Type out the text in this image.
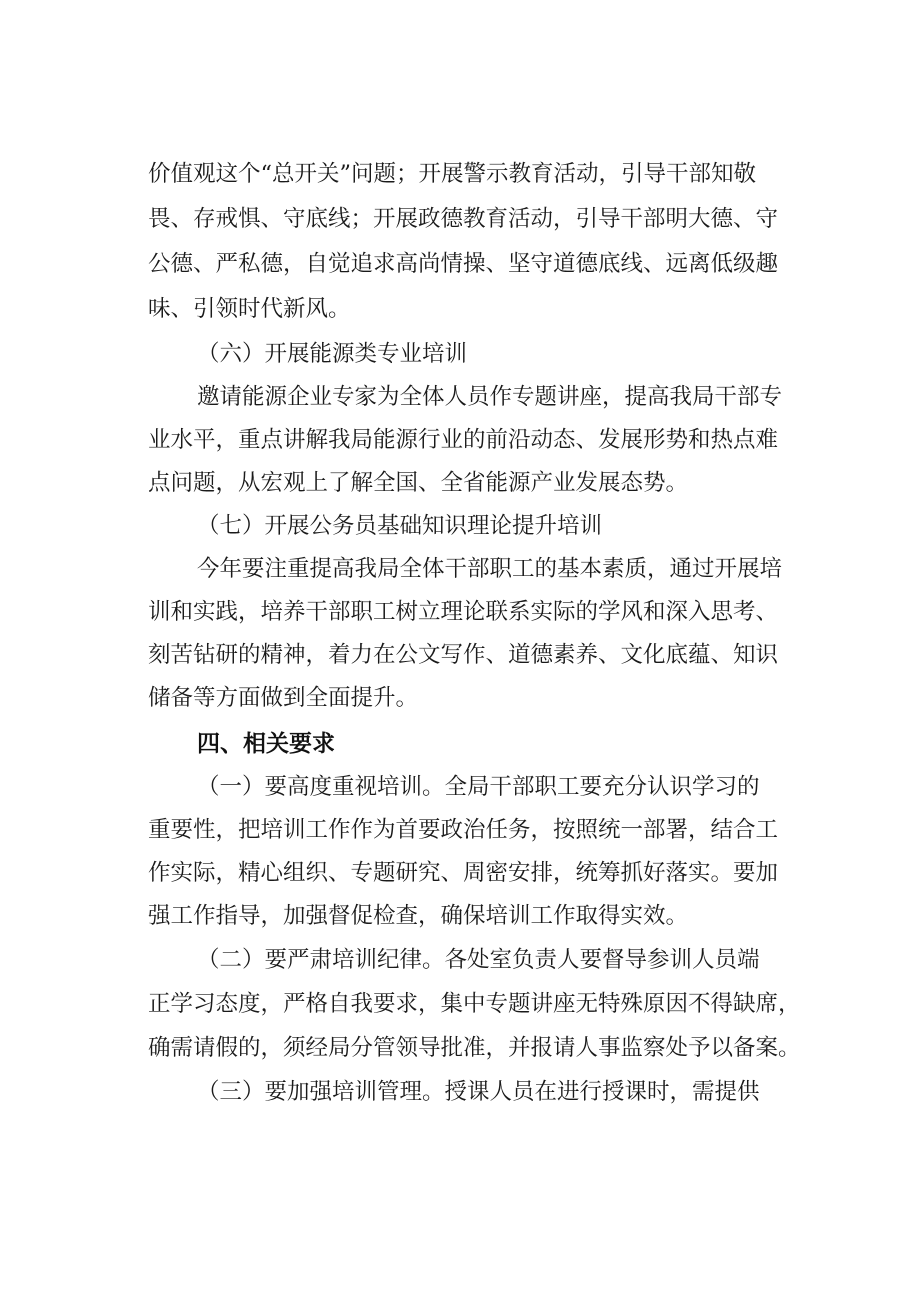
价值观这个“总开关”问题；开展警示教育活动，引导干部知敬
畏、存戒惧、守底线；开展政德教育活动，引导干部明大德、守
公德、严私德，自觉追求高尚情操、坚守道德底线、远离低级趣
味、引领时代新风。
（六）开展能源类专业培训
邀请能源企业专家为全体人员作专题讲座，提高我局干部专
业水平，重点讲解我局能源行业的前沿动态、发展形势和热点难
点问题，从宏观上了解全国、全省能源产业发展态势。
（七）开展公务员基础知识理论提升培训
今年要注重提高我局全体干部职工的基本素质，通过开展培
训和实践，培养干部职工树立理论联系实际的学风和深入思考、
刻苦钻研的精神，着力在公文写作、道德素养、文化底蕴、知识
储备等方面做到全面提升。
四、相关要求
（一）要高度重视培训。全局干部职工要充分认识学习的
重要性，把培训工作作为首要政治任务，按照统一部署，结合工
作实际，精心组织、专题研究、周密安排，统筹抓好落实。要加
强工作指导，加强督促检查，确保培训工作取得实效。
（二）要严肃培训纪律。各处室负责人要督导参训人员端
正学习态度，严格自我要求，集中专题讲座无特殊原因不得缺席，
确需请假的，须经局分管领导批准，并报请人事监察处予以备案。
（三）要加强培训管理。授课人员在进行授课时，需提供
